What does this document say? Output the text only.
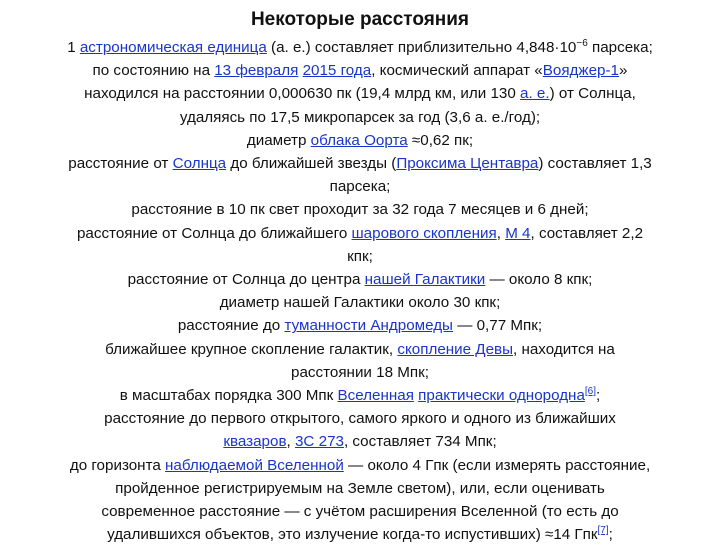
Некоторые расстояния
1 астрономическая единица (а. е.) составляет приблизительно $4,848\cdot 10^{-6}$ парсека;
по состоянию на 13 февраля 2015 года, космический аппарат «Вояджер-1»
находился на расстоянии 0,000630 пк (19,4 млрд км, или 130 а. е.) от Солнца,
удаляясь по 17,5 микропарсек за год (3,6 а. е./год);
диаметр облака Оорта ≈0,62 пк;
расстояние от Солнца до ближайшей звезды (Проксима Центавра) составляет 1,3
парсека;
расстояние в 10 пк свет проходит за 32 года 7 месяцев и 6 дней;
расстояние от Солнца до ближайшего шарового скопления, M 4, составляет 2,2
кпк;
расстояние от Солнца до центра нашей Галактики — около 8 кпк;
диаметр нашей Галактики около 30 кпк;
расстояние до туманности Андромеды — 0,77 Мпк;
ближайшее крупное скопление галактик, скопление Девы, находится на
расстоянии 18 Мпк;
в масштабах порядка 300 Мпк Вселенная практически однородна[6];
расстояние до первого открытого, самого яркого и одного из ближайших
квазаров, 3C 273, составляет 734 Мпк;
до горизонта наблюдаемой Вселенной — около 4 Гпк (если измерять расстояние,
пройденное регистрируемым на Земле светом), или, если оценивать
современное расстояние — с учётом расширения Вселенной (то есть до
удалившихся объектов, это излучение когда-то испустивших) ≈14 Гпк[7];
